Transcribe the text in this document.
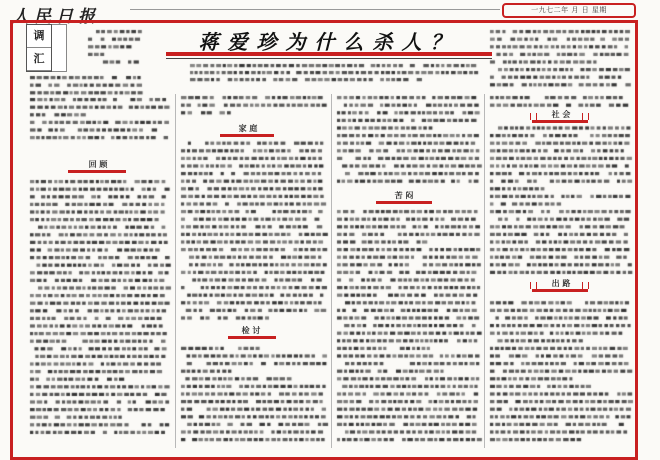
回 顾
家 庭
检 讨
苦 闷
社 会
出 路
